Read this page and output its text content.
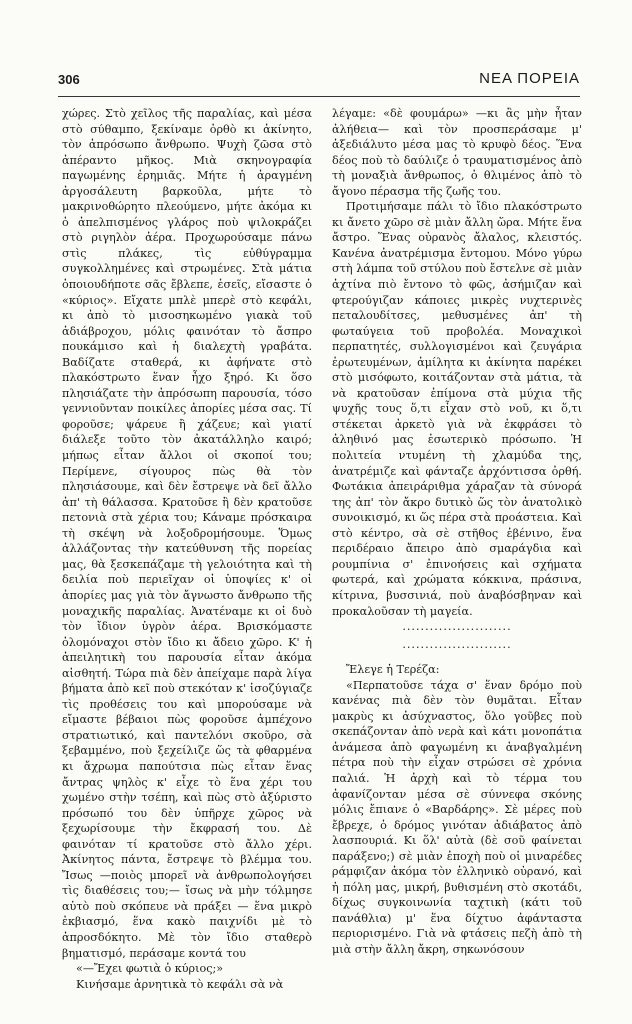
306	ΝΕΑ ΠΟΡΕΙΑ

χώρες. Στὸ χεῖλος τῆς παραλίας, καὶ μέσα στὸ σύθαμπο, ξεκίναμε ὀρθὸ κι ἀκίνητο, τὸν ἀπρόσωπο ἄνθρωπο. Ψυχὴ ζῶσα στὸ ἀπέραντο μῆκος. Μιὰ σκηνογραφία παγωμένης ἐρημιᾶς. Μήτε ἡ ἀραγμένη ἀργοσάλευτη βαρκοῦλα, μήτε τὸ μακρινοθώρητο πλεούμενο, μήτε ἀκόμα κι ὁ ἀπελπισμένος γλάρος ποὺ ψιλοκράζει στὸ ριγηλὸν ἀέρα. Προχωρούσαμε πάνω στὶς πλάκες, τὶς εὐθύγραμμα συγκολλημένες καὶ στρωμένες. Στὰ μάτια ὁποιουδήποτε σᾶς ἔβλεπε, ἐσεῖς, εἴσαστε ὁ «κύριος». Εἴχατε μπλὲ μπερὲ στὸ κεφάλι, κι ἀπὸ τὸ μισοσηκωμένο γιακὰ τοῦ ἀδιάβροχου, μόλις φαινόταν τὸ ἄσπρο πουκάμισο καὶ ἡ διαλεχτὴ γραβάτα. Βαδίζατε σταθερά, κι ἀφήνατε στὸ πλακόστρωτο ἕναν ἦχο ξηρό. Κι ὅσο πλησιάζατε τὴν ἀπρόσωπη παρουσία, τόσο γεννιοῦνταν ποικίλες ἀπορίες μέσα σας. Τί φοροῦσε; ψάρευε ἢ χάζευε; καὶ γιατί διάλεξε τοῦτο τὸν ἀκατάλληλο καιρό; μήπως εἶταν ἄλλοι οἱ σκοποί του; Περίμενε, σίγουρος πὼς θὰ τὸν πλησιάσουμε, καὶ δὲν ἔστρεψε νὰ δεῖ ἄλλο ἀπ' τὴ θάλασσα. Κρατοῦσε ἢ δὲν κρατοῦσε πετονιὰ στὰ χέρια του; Κάναμε πρόσκαιρα τὴ σκέψη νὰ λοξοδρομήσουμε. Ὅμως ἀλλάζοντας τὴν κατεύθυνση τῆς πορείας μας, θὰ ξεσκεπάζαμε τὴ γελοιότητα καὶ τὴ δειλία ποὺ περιεῖχαν οἱ ὑποψίες κ' οἱ ἀπορίες μας γιὰ τὸν ἄγνωστο ἄνθρωπο τῆς μοναχικῆς παραλίας. Ἀνατέναμε κι οἱ δυὸ τὸν ἴδιον ὑγρὸν ἀέρα. Βρισκόμαστε ὁλομόναχοι στὸν ἴδιο κι ἄδειο χῶρο. Κ' ἡ ἀπειλητικὴ του παρουσία εἶταν ἀκόμα αἰσθητή. Τώρα πιὰ δὲν ἀπείχαμε παρὰ λίγα βήματα ἀπὸ κεῖ ποὺ στεκόταν κ' ἰσοζύγιαζε τὶς προθέσεις του καὶ μπορούσαμε νὰ εἴμαστε βέβαιοι πὼς φοροῦσε ἀμπέχονο στρατιωτικό, καὶ παντελόνι σκοῦρο, σὰ ξεβαμμένο, ποὺ ξεχείλιζε ὥς τὰ φθαρμένα κι ἄχρωμα παπούτσια πὼς εἶταν ἕνας ἄντρας ψηλὸς κ' εἶχε τὸ ἕνα χέρι του χωμένο στὴν τσέπη, καὶ πὼς στὸ ἀξύριστο πρόσωπό του δὲν ὑπῆρχε χῶρος νὰ ξεχωρίσουμε τὴν ἔκφρασή του. Δὲ φαινόταν τί κρατοῦσε στὸ ἄλλο χέρι. Ἀκίνητος πάντα, ἔστρεψε τὸ βλέμμα του. Ἴσως —ποιὸς μπορεῖ νὰ ἀνθρωπολογήσει τὶς διαθέσεις του;— ἴσως νὰ μὴν τόλμησε αὐτὸ ποὺ σκόπευε νὰ πράξει — ἕνα μικρὸ ἐκβιασμό, ἕνα κακὸ παιχνίδι μὲ τὸ ἀπροσδόκητο. Μὲ τὸν ἴδιο σταθερὸ βηματισμό, περάσαμε κοντά του

«—Ἔχει φωτιὰ ὁ κύριος;»

Κινήσαμε ἀρνητικὰ τὸ κεφάλι σὰ νὰ

λέγαμε: «δὲ φουμάρω» —κι ἂς μὴν ἦταν ἀλήθεια— καὶ τὸν προσπεράσαμε μ' ἀξεδιάλυτο μέσα μας τὸ κρυφὸ δέος. Ἕνα δέος ποὺ τὸ δαύλιζε ὁ τραυματισμένος ἀπὸ τὴ μοναξιὰ ἄνθρωπος, ὁ θλιμένος ἀπὸ τὸ ἄγονο πέρασμα τῆς ζωῆς του.

Προτιμήσαμε πάλι τὸ ἴδιο πλακόστρωτο κι ἄνετο χῶρο σὲ μιὰν ἄλλη ὥρα. Μήτε ἕνα ἄστρο. Ἕνας οὐρανὸς ἄλαλος, κλειστός. Κανένα ἀνατρέμισμα ἔντομου. Μόνο γύρω στὴ λάμπα τοῦ στύλου ποὺ ἔστελνε σὲ μιὰν ἀχτίνα πιὸ ἔντονο τὸ φῶς, ἀσήμιζαν καὶ φτερούγιζαν κάποιες μικρὲς νυχτερινὲς πεταλουδίτσες, μεθυσμένες ἀπ' τὴ φωταύγεια τοῦ προβολέα. Μοναχικοὶ περπατητές, συλλογισμένοι καὶ ζευγάρια ἐρωτευμένων, ἀμίλητα κι ἀκίνητα παρέκει στὸ μισόφωτο, κοιτάζονταν στὰ μάτια, τὰ νὰ κρατοῦσαν ἐπίμονα στὰ μύχια τῆς ψυχῆς τους ὅ,τι εἶχαν στὸ νοῦ, κι ὅ,τι στέκεται ἀρκετὸ γιὰ νὰ ἐκφράσει τὸ ἀληθινό μας ἐσωτερικὸ πρόσωπο. Ἡ πολιτεία ντυμένη τὴ χλαμύδα της, ἀνατρέμιζε καὶ φάνταζε ἀρχόντισσα ὀρθή. Φωτάκια ἀπειράριθμα χάραζαν τὰ σύνορά της ἀπ' τὸν ἄκρο δυτικὸ ὥς τὸν ἀνατολικὸ συνοικισμό, κι ὥς πέρα στὰ προάστεια. Καὶ στὸ κέντρο, σὰ σὲ στῆθος ἐβένινο, ἕνα περιδέραιο ἄπειρο ἀπὸ σμαράγδια καὶ ρουμπίνια σ' ἐπινοήσεις καὶ σχήματα φωτερά, καὶ χρώματα κόκκινα, πράσινα, κίτρινα, βυσσινιά, ποὺ ἀναβόσβηναν καὶ προκαλοῦσαν τὴ μαγεία.

........................

........................

Ἔλεγε ἡ Τερέζα:

«Περπατοῦσε τάχα σ' ἕναν δρόμο ποὺ κανένας πιὰ δὲν τὸν θυμᾶται. Εἶταν μακρὺς κι ἀσύχναστος, ὅλο γοῦβες ποὺ σκεπάζονταν ἀπὸ νερὰ καὶ κάτι μονοπάτια ἀνάμεσα ἀπὸ φαγωμένη κι ἀναβγαλμένη πέτρα ποὺ τὴν εἶχαν στρώσει σὲ χρόνια παλιά. Ἡ ἀρχὴ καὶ τὸ τέρμα του ἀφανίζονταν μέσα σὲ σύννεφα σκόνης μόλις ἔπιανε ὁ «Βαρδάρης». Σὲ μέρες ποὺ ἔβρεχε, ὁ δρόμος γινόταν ἀδιάβατος ἀπὸ λασπουριά. Κι ὅλ' αὐτὰ (δὲ σοῦ φαίνεται παράξενο;) σὲ μιὰν ἐποχὴ ποὺ οἱ μιναρέδες ράμφιζαν ἀκόμα τὸν ἑλληνικὸ οὐρανό, καὶ ἡ πόλη μας, μικρή, βυθισμένη στὸ σκοτάδι, δίχως συγκοινωνία ταχτικὴ (κάτι τοῦ πανάθλια) μ' ἕνα δίχτυο ἀφάνταστα περιορισμένο. Γιὰ νὰ φτάσεις πεζὴ ἀπὸ τὴ μιὰ στὴν ἄλλη ἄκρη, σηκωνόσουν
